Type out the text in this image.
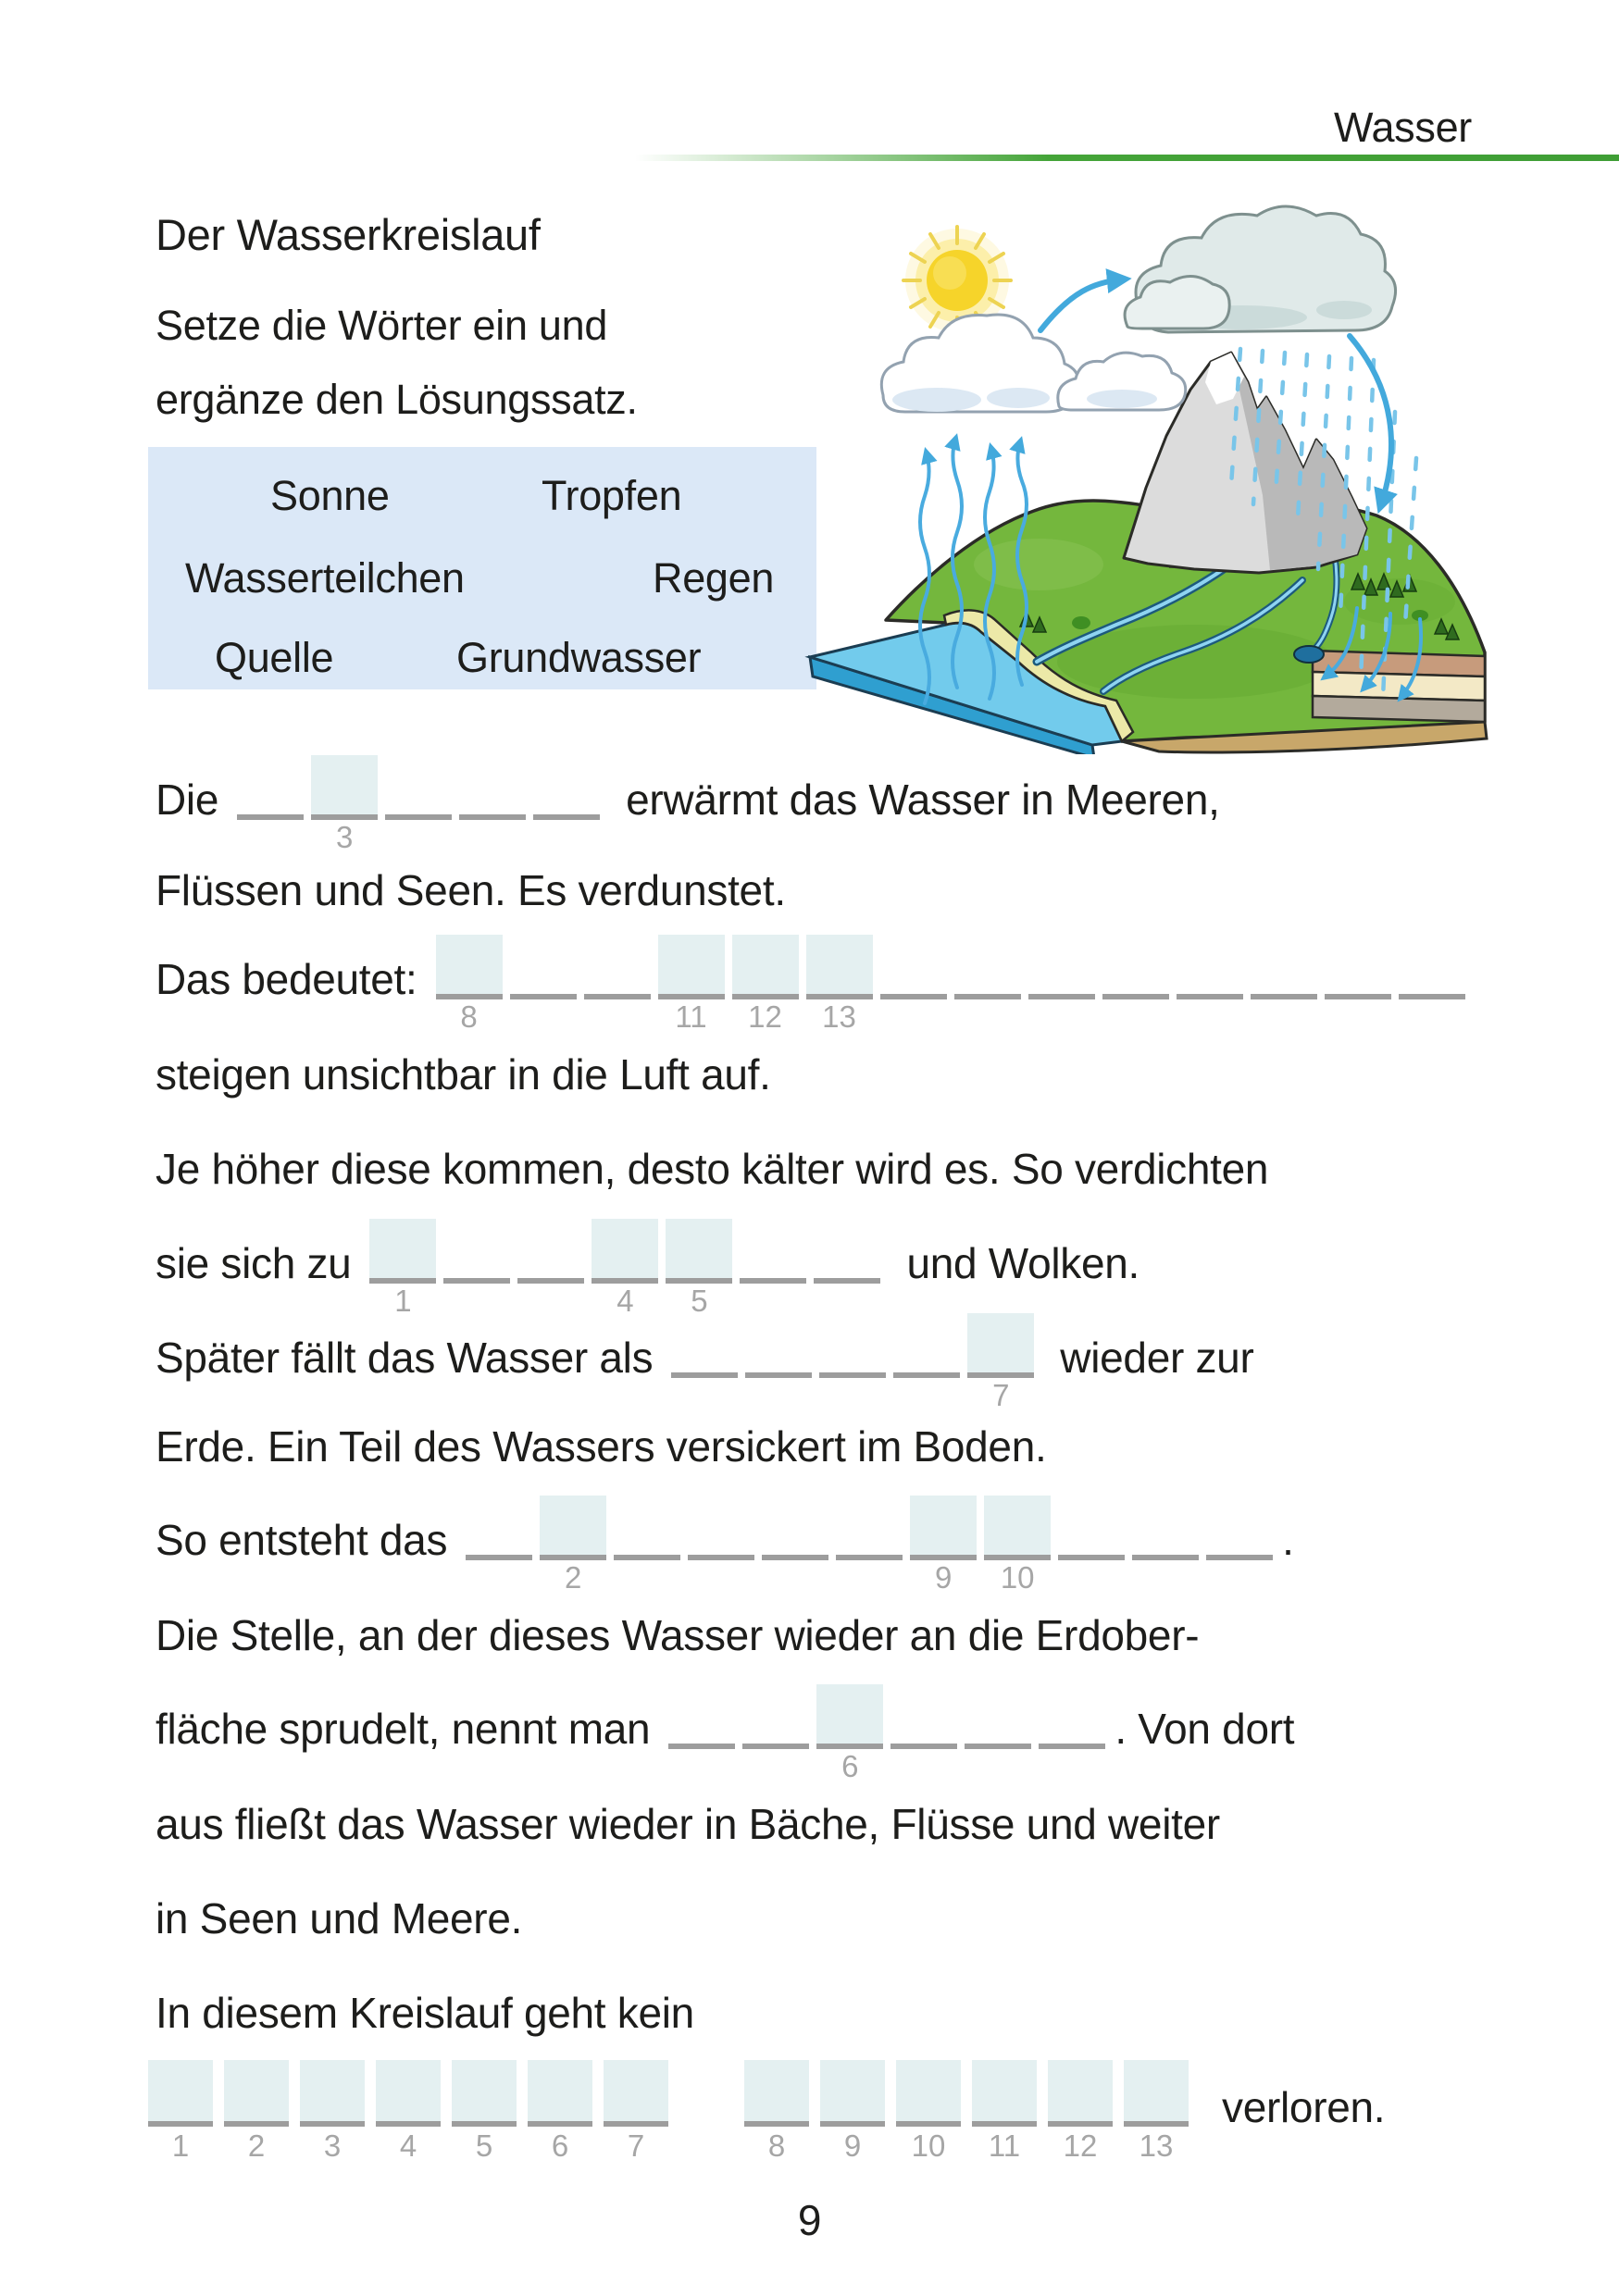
Wasser
Der Wasserkreislauf
Setze die Wörter ein und
ergänze den Lösungssatz.
Sonne	Tropfen
Wasserteilchen	Regen
Quelle	Grundwasser
Die
3
erwärmt das Wasser in Meeren,
Flüssen und Seen. Es verdunstet.
Das bedeutet:
8	11	12	13
steigen unsichtbar in die Luft auf.
Je höher diese kommen, desto kälter wird es. So verdichten
sie sich zu
1	4	5
und Wolken.
Später fällt das Wasser als
7
wieder zur
Erde. Ein Teil des Wassers versickert im Boden.
So entsteht das
2	9	10
.
Die Stelle, an der dieses Wasser wieder an die Erdober-
fläche sprudelt, nennt man
6
. Von dort
aus fließt das Wasser wieder in Bäche, Flüsse und weiter
in Seen und Meere.
In diesem Kreislauf geht kein
1	2	3	4	5	6	7	8	9	10	11	12	13
verloren.
9
